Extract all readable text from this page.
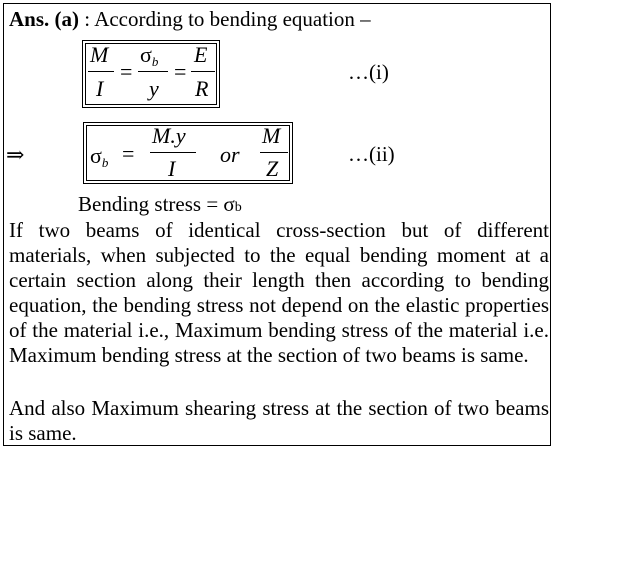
Ans. (a) : According to bending equation –
M
I
=
σb
y
=
E
R
…(i)
⇒	σb =
M.y
I
or
M
Z
…(ii)
Bending stress = σb
If two beams of identical cross-section but of different materials, when subjected to the equal bending moment at a certain section along their length then according to bending equation, the bending stress not depend on the elastic properties of the material i.e., Maximum bending stress of the material i.e. Maximum bending stress at the section of two beams is same.
And also Maximum shearing stress at the section of two beams is same.
